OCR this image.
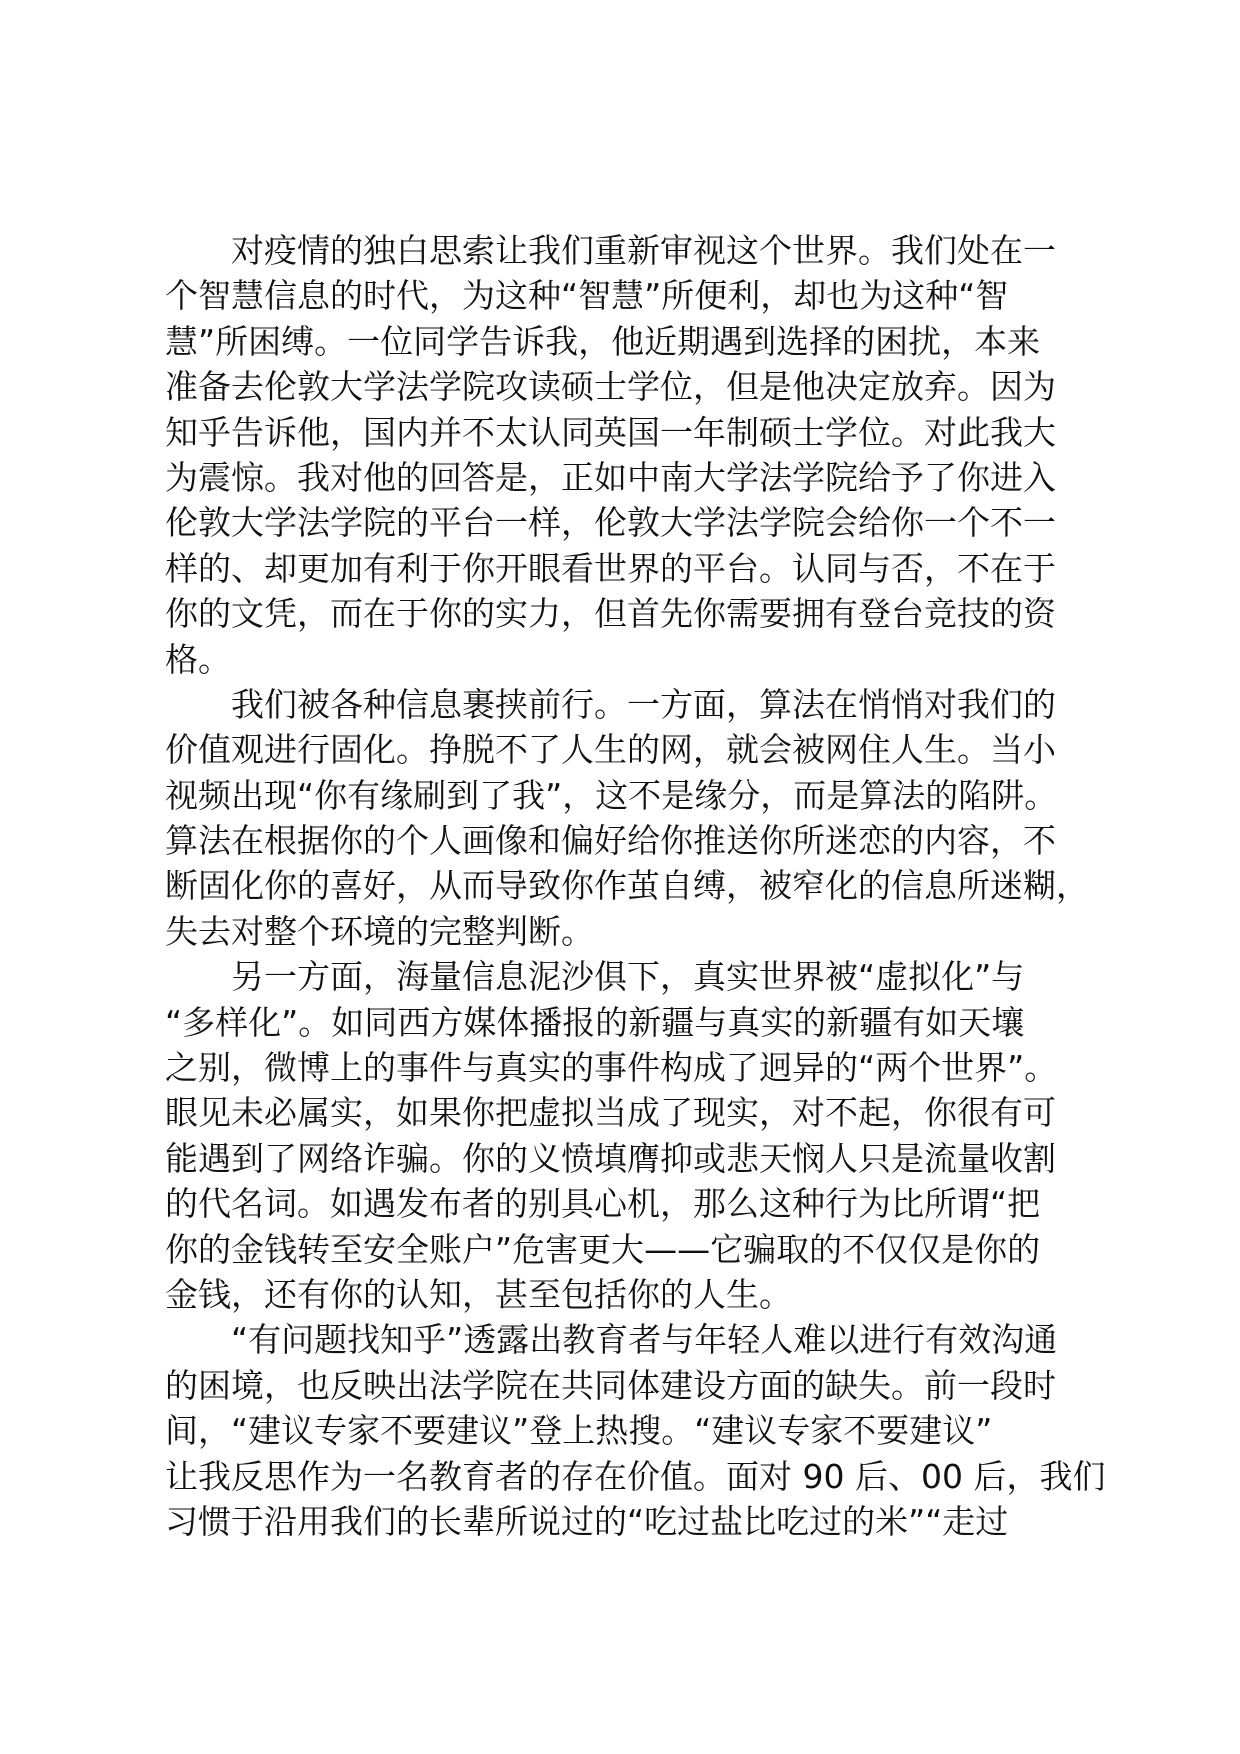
对疫情的独白思索让我们重新审视这个世界。我们处在一
个智慧信息的时代，为这种“智慧”所便利，却也为这种“智
慧”所困缚。一位同学告诉我，他近期遇到选择的困扰，本来
准备去伦敦大学法学院攻读硕士学位，但是他决定放弃。因为
知乎告诉他，国内并不太认同英国一年制硕士学位。对此我大
为震惊。我对他的回答是，正如中南大学法学院给予了你进入
伦敦大学法学院的平台一样，伦敦大学法学院会给你一个不一
样的、却更加有利于你开眼看世界的平台。认同与否，不在于
你的文凭，而在于你的实力，但首先你需要拥有登台竞技的资
格。
我们被各种信息裹挟前行。一方面，算法在悄悄对我们的
价值观进行固化。挣脱不了人生的网，就会被网住人生。当小
视频出现“你有缘刷到了我”，这不是缘分，而是算法的陷阱。
算法在根据你的个人画像和偏好给你推送你所迷恋的内容，不
断固化你的喜好，从而导致你作茧自缚，被窄化的信息所迷糊，
失去对整个环境的完整判断。
另一方面，海量信息泥沙俱下，真实世界被“虚拟化”与
“多样化”。如同西方媒体播报的新疆与真实的新疆有如天壤
之别，微博上的事件与真实的事件构成了迥异的“两个世界”。
眼见未必属实，如果你把虚拟当成了现实，对不起，你很有可
能遇到了网络诈骗。你的义愤填膺抑或悲天悯人只是流量收割
的代名词。如遇发布者的别具心机，那么这种行为比所谓“把
你的金钱转至安全账户”危害更大——它骗取的不仅仅是你的
金钱，还有你的认知，甚至包括你的人生。
“有问题找知乎”透露出教育者与年轻人难以进行有效沟通
的困境，也反映出法学院在共同体建设方面的缺失。前一段时
间，“建议专家不要建议”登上热搜。“建议专家不要建议”
让我反思作为一名教育者的存在价值。面对 90 后、00 后，我们
习惯于沿用我们的长辈所说过的“吃过盐比吃过的米”“走过
